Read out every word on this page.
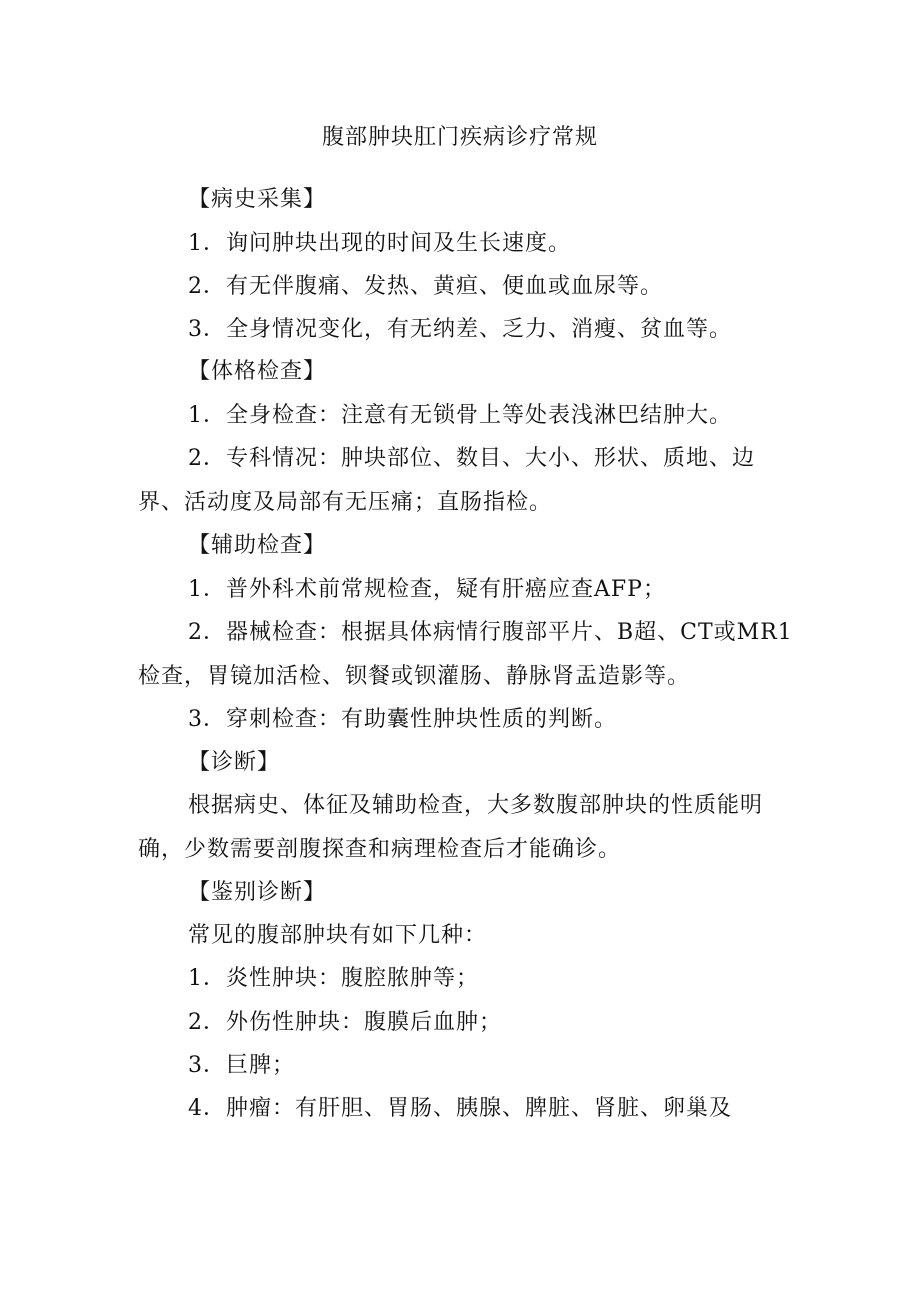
腹部肿块肛门疾病诊疗常规
【病史采集】
1．询问肿块出现的时间及生长速度。
2．有无伴腹痛、发热、黄疸、便血或血尿等。
3．全身情况变化，有无纳差、乏力、消瘦、贫血等。
【体格检查】
1．全身检查：注意有无锁骨上等处表浅淋巴结肿大。
2．专科情况：肿块部位、数目、大小、形状、质地、边
界、活动度及局部有无压痛；直肠指检。
【辅助检查】
1．普外科术前常规检查，疑有肝癌应查AFP；
2．器械检查：根据具体病情行腹部平片、B超、CT或MR1
检查，胃镜加活检、钡餐或钡灌肠、静脉肾盂造影等。
3．穿刺检查：有助囊性肿块性质的判断。
【诊断】
根据病史、体征及辅助检查，大多数腹部肿块的性质能明
确，少数需要剖腹探查和病理检查后才能确诊。
【鉴别诊断】
常见的腹部肿块有如下几种：
1．炎性肿块：腹腔脓肿等；
2．外伤性肿块：腹膜后血肿；
3．巨脾；
4．肿瘤：有肝胆、胃肠、胰腺、脾脏、肾脏、卵巢及
